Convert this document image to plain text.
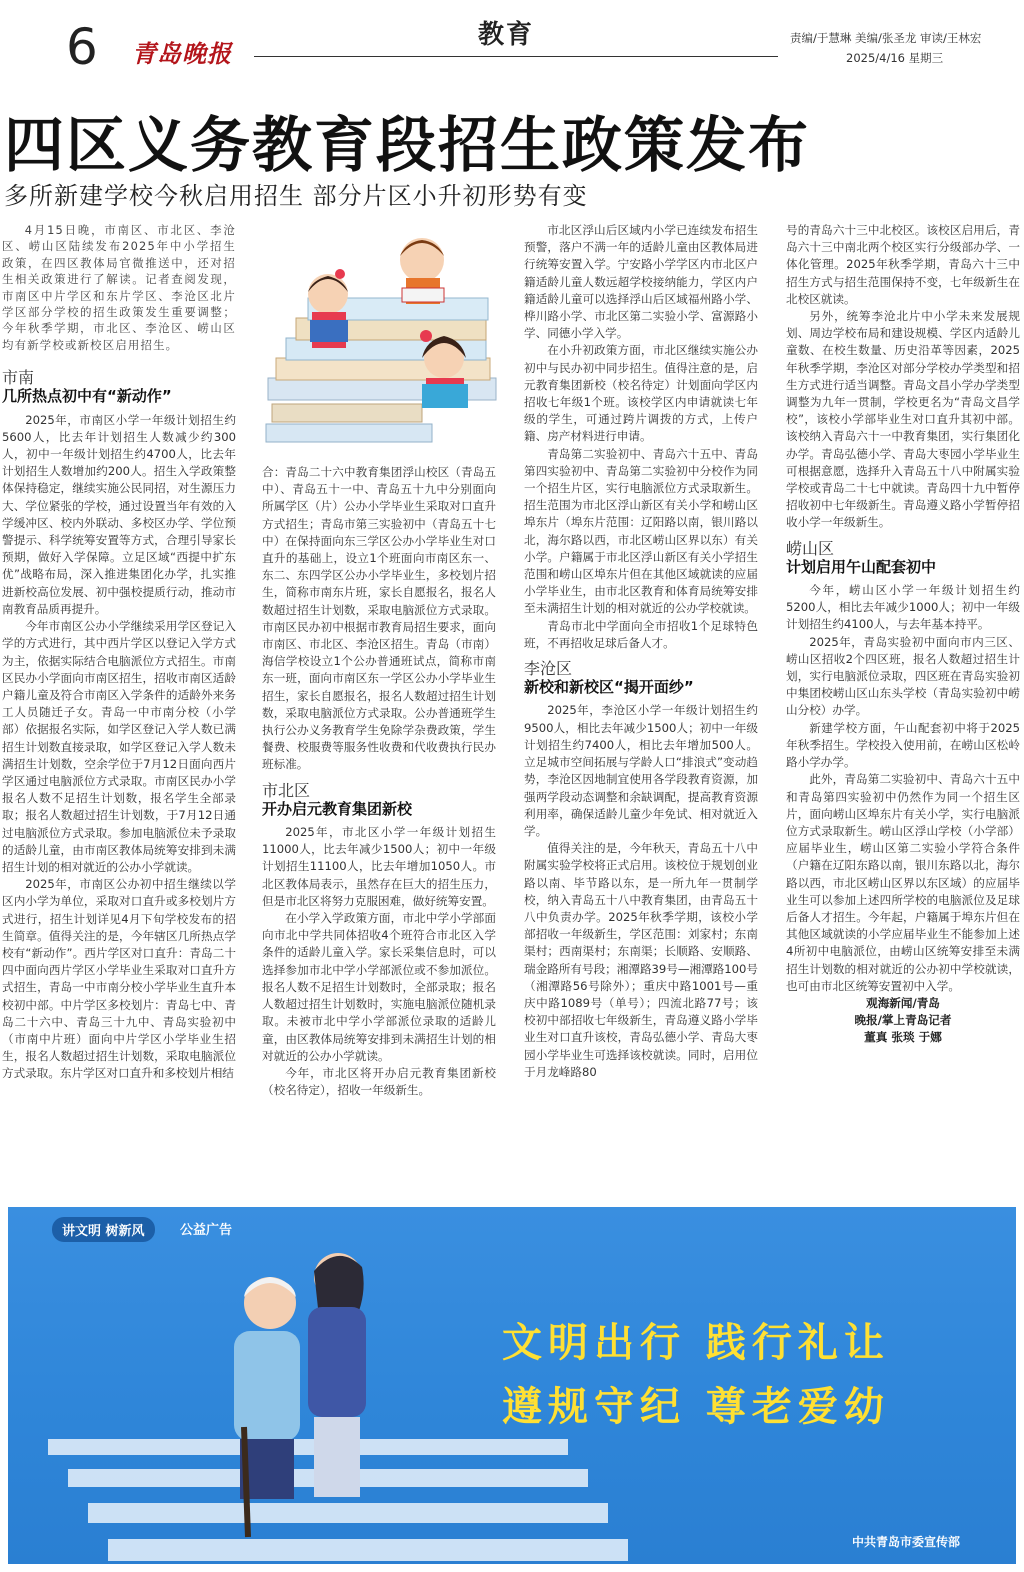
6 青岛晚报
教育	责编/于慧琳 美编/张圣龙 审读/王林宏
2025/4/16 星期三
四区义务教育段招生政策发布
多所新建学校今秋启用招生 部分片区小升初形势有变

4月15日晚，市南区、市北区、李沧区、崂山区陆续发布2025年中小学招生政策，在四区教体局官微推送中，还对招生相关政策进行了解读。记者查阅发现，市南区中片学区和东片学区、李沧区北片学区部分学校的招生政策发生重要调整；今年秋季学期，市北区、李沧区、崂山区均有新学校或新校区启用招生。

市南
几所热点初中有“新动作”

2025年，市南区小学一年级计划招生约5600人，比去年计划招生人数减少约300人，初中一年级计划招生约4700人，比去年计划招生人数增加约200人。招生入学政策整体保持稳定，继续实施公民同招，对生源压力大、学位紧张的学校，通过设置当年有效的入学缓冲区、校内外联动、多校区办学、学位预警提示、科学统筹安置等方式，合理引导家长预期，做好入学保障。立足区域“西提中扩东优”战略布局，深入推进集团化办学，扎实推进新校高位发展、初中强校提质行动，推动市南教育品质再提升。

今年市南区公办小学继续采用学区登记入学的方式进行，其中西片学区以登记入学方式为主，依据实际结合电脑派位方式招生。市南区民办小学面向市南区招生，招收市南区适龄户籍儿童及符合市南区入学条件的适龄外来务工人员随迁子女。青岛一中市南分校（小学部）依据报名实际，如学区登记入学人数已满招生计划数直接录取，如学区登记入学人数未满招生计划数，空余学位于7月12日面向西片学区通过电脑派位方式录取。市南区民办小学报名人数不足招生计划数，报名学生全部录取；报名人数超过招生计划数，于7月12日通过电脑派位方式录取。参加电脑派位未予录取的适龄儿童，由市南区教体局统筹安排到未满招生计划的相对就近的公办小学就读。

2025年，市南区公办初中招生继续以学区内小学为单位，采取对口直升或多校划片方式进行，招生计划详见4月下旬学校发布的招生简章。值得关注的是，今年辖区几所热点学校有“新动作”。西片学区对口直升：青岛二十四中面向西片学区小学毕业生采取对口直升方式招生，青岛一中市南分校小学毕业生直升本校初中部。中片学区多校划片：青岛七中、青岛二十六中、青岛三十九中、青岛实验初中（市南中片班）面向中片学区小学毕业生招生，报名人数超过招生计划数，采取电脑派位方式录取。东片学区对口直升和多校划片相结

合：青岛二十六中教育集团浮山校区（青岛五中）、青岛五十一中、青岛五十九中分别面向所属学区（片）公办小学毕业生采取对口直升方式招生；青岛市第三实验初中（青岛五十七中）在保持面向东三学区公办小学毕业生对口直升的基础上，设立1个班面向市南区东一、东二、东四学区公办小学毕业生，多校划片招生，简称市南东片班，家长自愿报名，报名人数超过招生计划数，采取电脑派位方式录取。市南区民办初中根据市教育局招生要求，面向市南区、市北区、李沧区招生。青岛（市南）海信学校设立1个公办普通班试点，简称市南东一班，面向市南区东一学区公办小学毕业生招生，家长自愿报名，报名人数超过招生计划数，采取电脑派位方式录取。公办普通班学生执行公办义务教育学生免除学杂费政策，学生餐费、校服费等服务性收费和代收费执行民办班标准。

市北区
开办启元教育集团新校

2025年，市北区小学一年级计划招生11000人，比去年减少1500人；初中一年级计划招生11100人，比去年增加1050人。市北区教体局表示，虽然存在巨大的招生压力，但是市北区将努力克服困难，做好统筹安置。

在小学入学政策方面，市北中学小学部面向市北中学共同体招收4个班符合市北区入学条件的适龄儿童入学。家长采集信息时，可以选择参加市北中学小学部派位或不参加派位。报名人数不足招生计划数时，全部录取；报名人数超过招生计划数时，实施电脑派位随机录取。未被市北中学小学部派位录取的适龄儿童，由区教体局统筹安排到未满招生计划的相对就近的公办小学就读。

今年，市北区将开办启元教育集团新校（校名待定），招收一年级新生。

市北区浮山后区域内小学已连续发布招生预警，落户不满一年的适龄儿童由区教体局进行统筹安置入学。宁安路小学学区内市北区户籍适龄儿童人数远超学校接纳能力，学区内户籍适龄儿童可以选择浮山后区域福州路小学、桦川路小学、市北区第二实验小学、富源路小学、同德小学入学。

在小升初政策方面，市北区继续实施公办初中与民办初中同步招生。值得注意的是，启元教育集团新校（校名待定）计划面向学区内招收七年级1个班。该校学区内申请就读七年级的学生，可通过跨片调拨的方式，上传户籍、房产材料进行申请。

青岛第二实验初中、青岛六十五中、青岛第四实验初中、青岛第二实验初中分校作为同一个招生片区，实行电脑派位方式录取新生。招生范围为市北区浮山新区有关小学和崂山区埠东片（埠东片范围：辽阳路以南，银川路以北，海尔路以西，市北区崂山区界以东）有关小学。户籍属于市北区浮山新区有关小学招生范围和崂山区埠东片但在其他区域就读的应届小学毕业生，由市北区教育和体育局统筹安排至未满招生计划的相对就近的公办学校就读。

青岛市北中学面向全市招收1个足球特色班，不再招收足球后备人才。

李沧区
新校和新校区“揭开面纱”

2025年，李沧区小学一年级计划招生约9500人，相比去年减少1500人；初中一年级计划招生约7400人，相比去年增加500人。立足城市空间拓展与学龄人口“排浪式”变动趋势，李沧区因地制宜使用各学段教育资源，加强两学段动态调整和余缺调配，提高教育资源利用率，确保适龄儿童少年免试、相对就近入学。

值得关注的是，今年秋天，青岛五十八中附属实验学校将正式启用。该校位于规划创业路以南、毕节路以东，是一所九年一贯制学校，纳入青岛五十八中教育集团，由青岛五十八中负责办学。2025年秋季学期，该校小学部招收一年级新生，学区范围：刘家村；东南渠村；西南渠村；东南渠；长顺路、安顺路、瑞金路所有号段；湘潭路39号—湘潭路100号（湘潭路56号除外）；重庆中路1001号—重庆中路1089号（单号）；四流北路77号；该校初中部招收七年级新生，青岛遵义路小学毕业生对口直升该校，青岛弘德小学、青岛大枣园小学毕业生可选择该校就读。同时，启用位于月龙峰路80

号的青岛六十三中北校区。该校区启用后，青岛六十三中南北两个校区实行分级部办学、一体化管理。2025年秋季学期，青岛六十三中招生方式与招生范围保持不变，七年级新生在北校区就读。

另外，统筹李沧北片中小学未来发展规划、周边学校布局和建设规模、学区内适龄儿童数、在校生数量、历史沿革等因素，2025年秋季学期，李沧区对部分学校办学类型和招生方式进行适当调整。青岛文昌小学办学类型调整为九年一贯制，学校更名为“青岛文昌学校”，该校小学部毕业生对口直升其初中部。该校纳入青岛六十一中教育集团，实行集团化办学。青岛弘德小学、青岛大枣园小学毕业生可根据意愿，选择升入青岛五十八中附属实验学校或青岛二十七中就读。青岛四十九中暂停招收初中七年级新生。青岛遵义路小学暂停招收小学一年级新生。

崂山区
计划启用午山配套初中

今年，崂山区小学一年级计划招生约5200人，相比去年减少1000人；初中一年级计划招生约4100人，与去年基本持平。

2025年，青岛实验初中面向市内三区、崂山区招收2个四区班，报名人数超过招生计划，实行电脑派位录取，四区班在青岛实验初中集团校崂山区山东头学校（青岛实验初中崂山分校）办学。

新建学校方面，午山配套初中将于2025年秋季招生。学校投入使用前，在崂山区松岭路小学办学。

此外，青岛第二实验初中、青岛六十五中和青岛第四实验初中仍然作为同一个招生区片，面向崂山区埠东片有关小学，实行电脑派位方式录取新生。崂山区浮山学校（小学部）应届毕业生，崂山区第二实验小学符合条件（户籍在辽阳东路以南，银川东路以北，海尔路以西，市北区崂山区界以东区域）的应届毕业生可以参加上述四所学校的电脑派位及足球后备人才招生。今年起，户籍属于埠东片但在其他区域就读的小学应届毕业生不能参加上述4所初中电脑派位，由崂山区统筹安排至未满招生计划数的相对就近的公办初中学校就读，也可由市北区统筹安置初中入学。

观海新闻/青岛

晚报/掌上青岛记者

董真 张琰 于娜

讲文明 树新风	公益广告
文明出行 践行礼让
遵规守纪 尊老爱幼
中共青岛市委宣传部
